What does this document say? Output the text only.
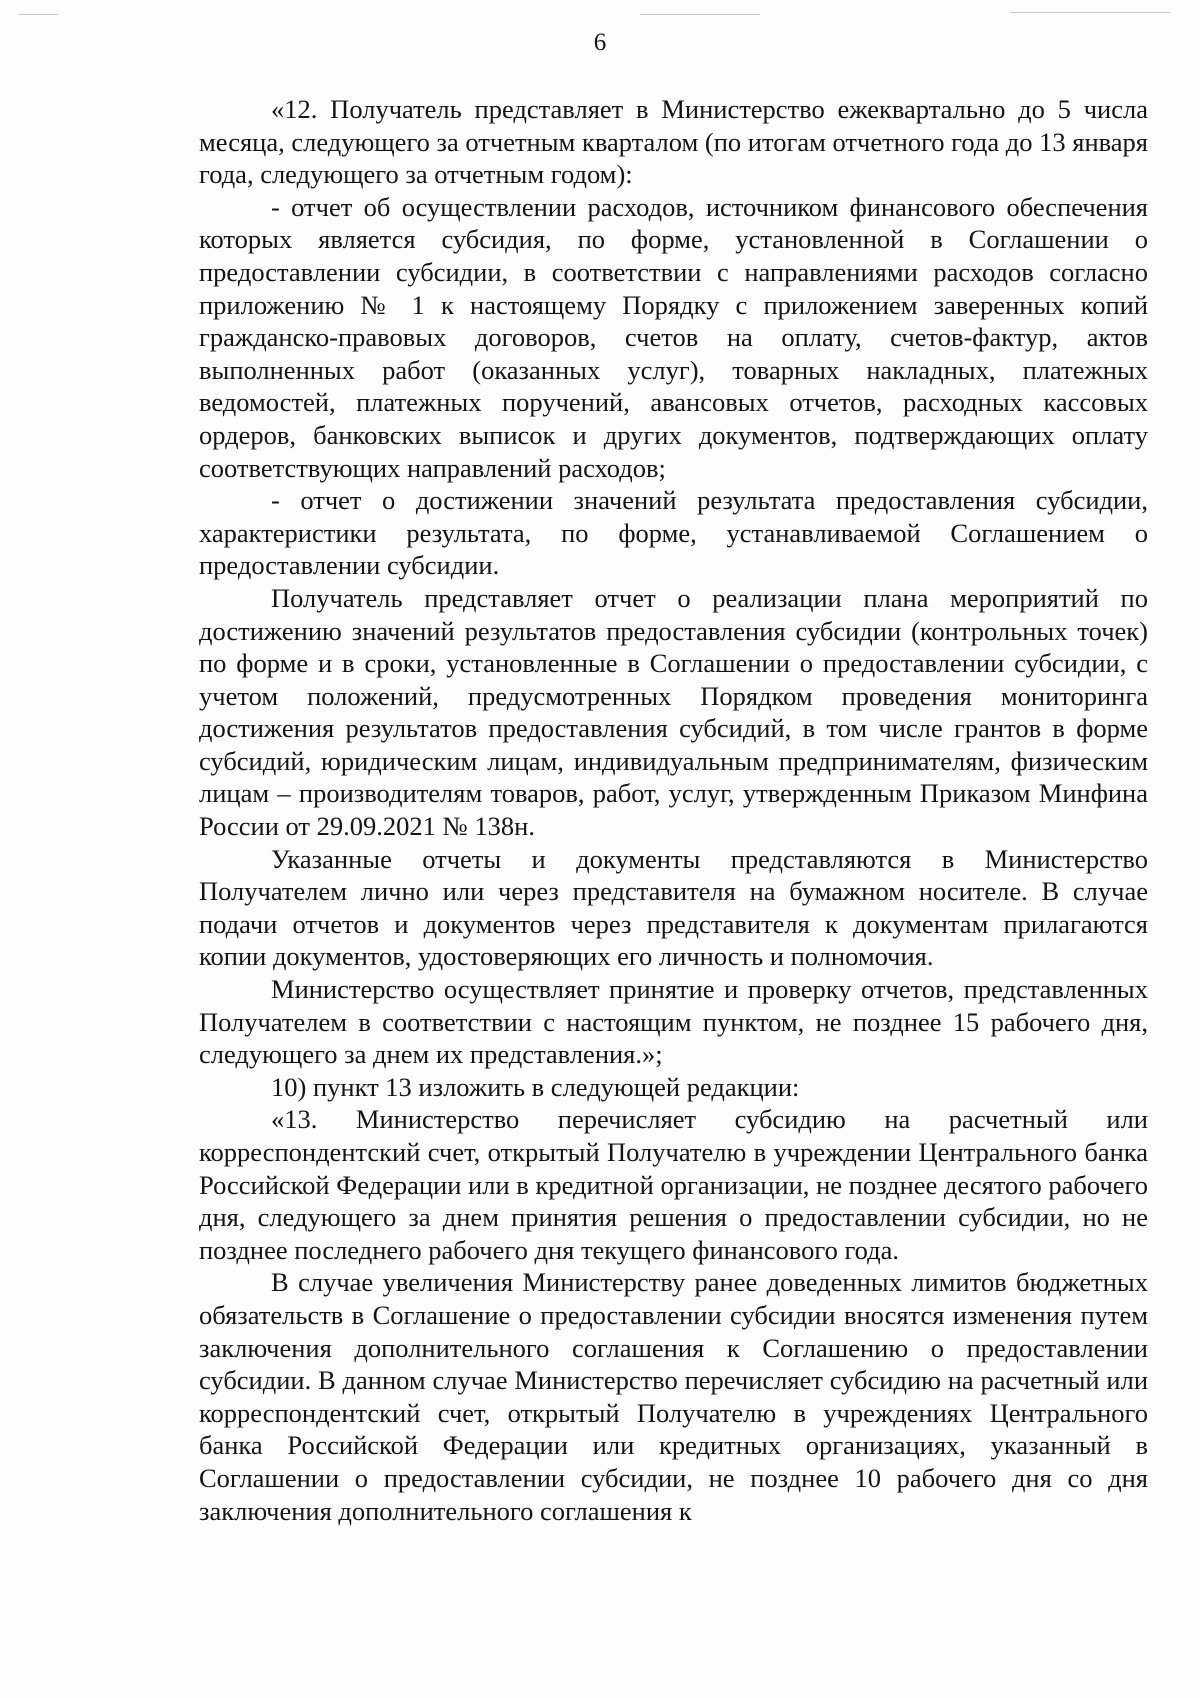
6

«12. Получатель представляет в Министерство ежеквартально до 5 числа месяца, следующего за отчетным кварталом (по итогам отчетного года до 13 января года, следующего за отчетным годом):

- отчет об осуществлении расходов, источником финансового обеспечения которых является субсидия, по форме, установленной в Соглашении о предоставлении субсидии, в соответствии с направлениями расходов согласно приложению № 1 к настоящему Порядку с приложением заверенных копий гражданско-правовых договоров, счетов на оплату, счетов-фактур, актов выполненных работ (оказанных услуг), товарных накладных, платежных ведомостей, платежных поручений, авансовых отчетов, расходных кассовых ордеров, банковских выписок и других документов, подтверждающих оплату соответствующих направлений расходов;

- отчет о достижении значений результата предоставления субсидии, характеристики результата, по форме, устанавливаемой Соглашением о предоставлении субсидии.

Получатель представляет отчет о реализации плана мероприятий по достижению значений результатов предоставления субсидии (контрольных точек) по форме и в сроки, установленные в Соглашении о предоставлении субсидии, с учетом положений, предусмотренных Порядком проведения мониторинга достижения результатов предоставления субсидий, в том числе грантов в форме субсидий, юридическим лицам, индивидуальным предпринимателям, физическим лицам – производителям товаров, работ, услуг, утвержденным Приказом Минфина России от 29.09.2021 № 138н.

Указанные отчеты и документы представляются в Министерство Получателем лично или через представителя на бумажном носителе. В случае подачи отчетов и документов через представителя к документам прилагаются копии документов, удостоверяющих его личность и полномочия.

Министерство осуществляет принятие и проверку отчетов, представленных Получателем в соответствии с настоящим пунктом, не позднее 15 рабочего дня, следующего за днем их представления.»;

10) пункт 13 изложить в следующей редакции:

«13. Министерство перечисляет субсидию на расчетный или корреспондентский счет, открытый Получателю в учреждении Центрального банка Российской Федерации или в кредитной организации, не позднее десятого рабочего дня, следующего за днем принятия решения о предоставлении субсидии, но не позднее последнего рабочего дня текущего финансового года.

В случае увеличения Министерству ранее доведенных лимитов бюджетных обязательств в Соглашение о предоставлении субсидии вносятся изменения путем заключения дополнительного соглашения к Соглашению о предоставлении субсидии. В данном случае Министерство перечисляет субсидию на расчетный или корреспондентский счет, открытый Получателю в учреждениях Центрального банка Российской Федерации или кредитных организациях, указанный в Соглашении о предоставлении субсидии, не позднее 10 рабочего дня со дня заключения дополнительного соглашения к
